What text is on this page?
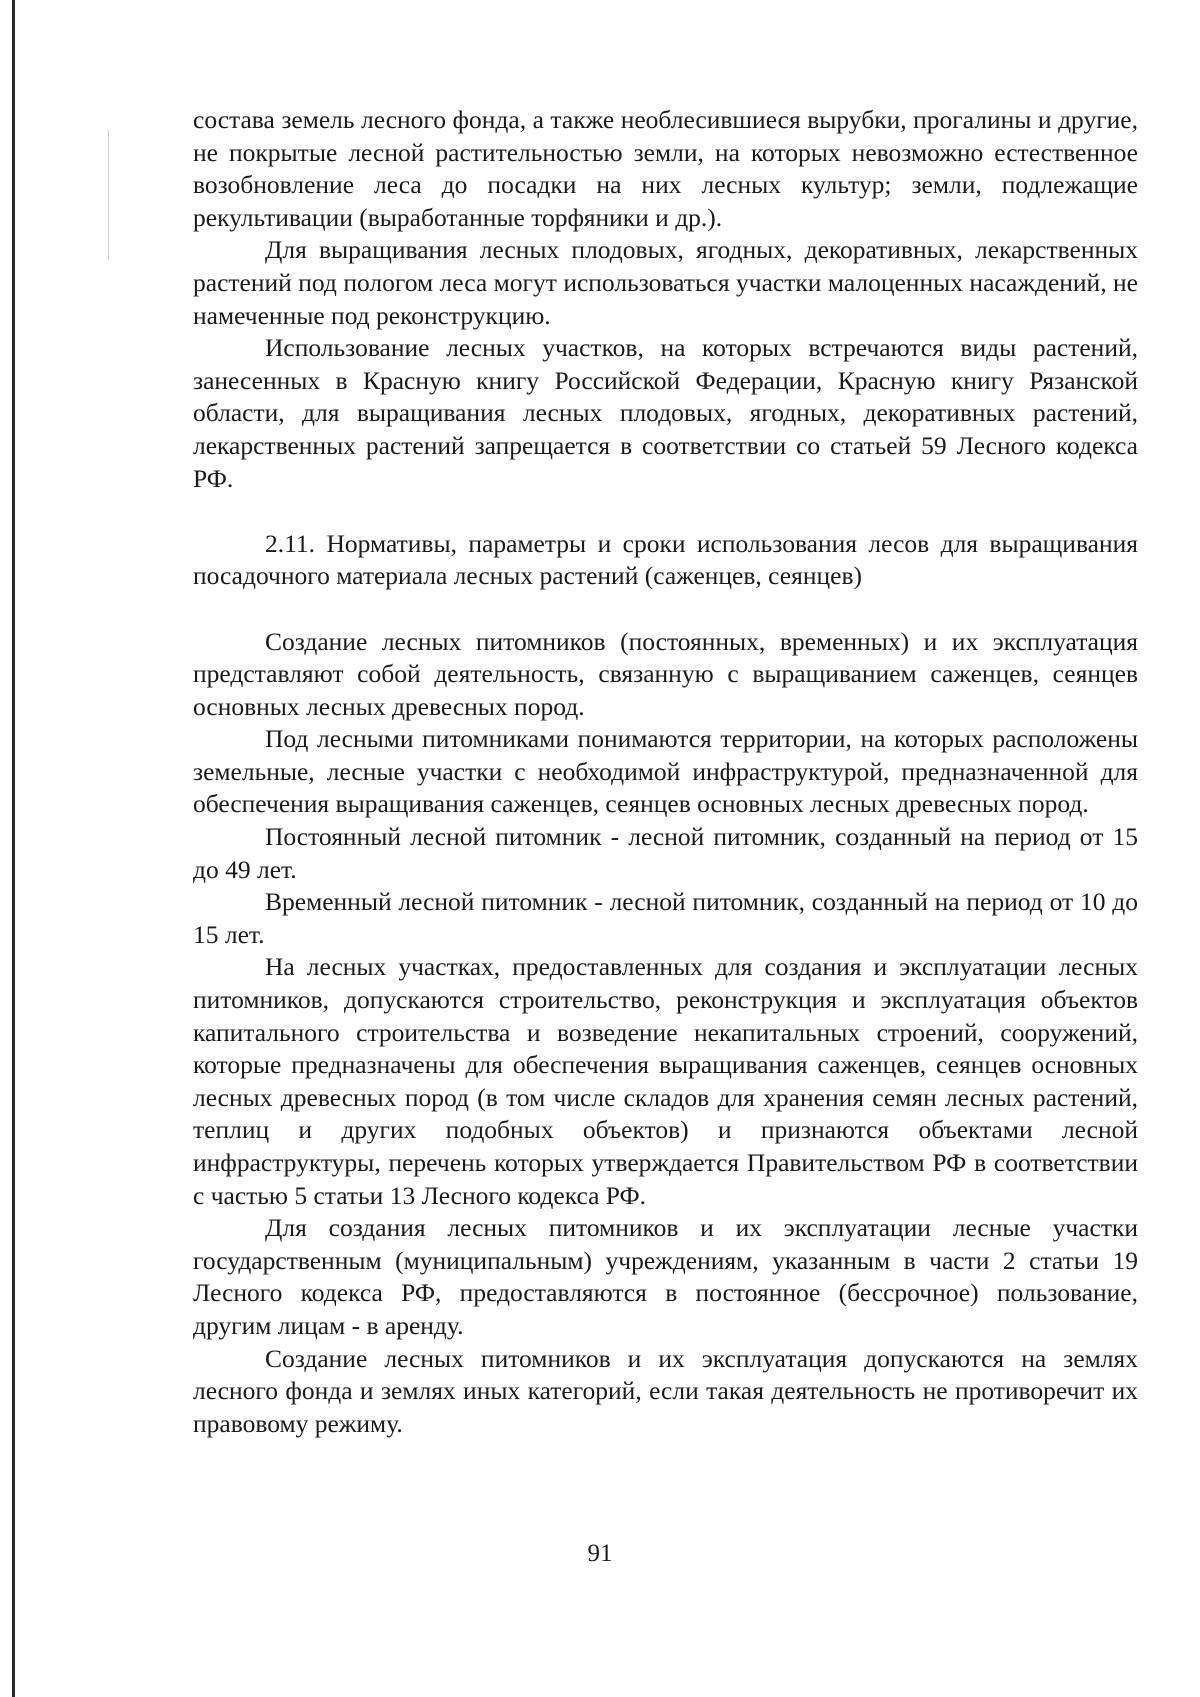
состава земель лесного фонда, а также необлесившиеся вырубки, прогалины и другие, не покрытые лесной растительностью земли, на которых невозможно естественное возобновление леса до посадки на них лесных культур; земли, подлежащие рекультивации (выработанные торфяники и др.).

Для выращивания лесных плодовых, ягодных, декоративных, лекарственных растений под пологом леса могут использоваться участки малоценных насаждений, не намеченные под реконструкцию.

Использование лесных участков, на которых встречаются виды растений, занесенных в Красную книгу Российской Федерации, Красную книгу Рязанской области, для выращивания лесных плодовых, ягодных, декоративных растений, лекарственных растений запрещается в соответствии со статьей 59 Лесного кодекса РФ.

2.11. Нормативы, параметры и сроки использования лесов для выращивания посадочного материала лесных растений (саженцев, сеянцев)

Создание лесных питомников (постоянных, временных) и их эксплуатация представляют собой деятельность, связанную с выращиванием саженцев, сеянцев основных лесных древесных пород.

Под лесными питомниками понимаются территории, на которых расположены земельные, лесные участки с необходимой инфраструктурой, предназначенной для обеспечения выращивания саженцев, сеянцев основных лесных древесных пород.

Постоянный лесной питомник - лесной питомник, созданный на период от 15 до 49 лет.

Временный лесной питомник - лесной питомник, созданный на период от 10 до 15 лет.

На лесных участках, предоставленных для создания и эксплуатации лесных питомников, допускаются строительство, реконструкция и эксплуатация объектов капитального строительства и возведение некапитальных строений, сооружений, которые предназначены для обеспечения выращивания саженцев, сеянцев основных лесных древесных пород (в том числе складов для хранения семян лесных растений, теплиц и других подобных объектов) и признаются объектами лесной инфраструктуры, перечень которых утверждается Правительством РФ в соответствии с частью 5 статьи 13 Лесного кодекса РФ.

Для создания лесных питомников и их эксплуатации лесные участки государственным (муниципальным) учреждениям, указанным в части 2 статьи 19 Лесного кодекса РФ, предоставляются в постоянное (бессрочное) пользование, другим лицам - в аренду.

Создание лесных питомников и их эксплуатация допускаются на землях лесного фонда и землях иных категорий, если такая деятельность не противоречит их правовому режиму.

91
